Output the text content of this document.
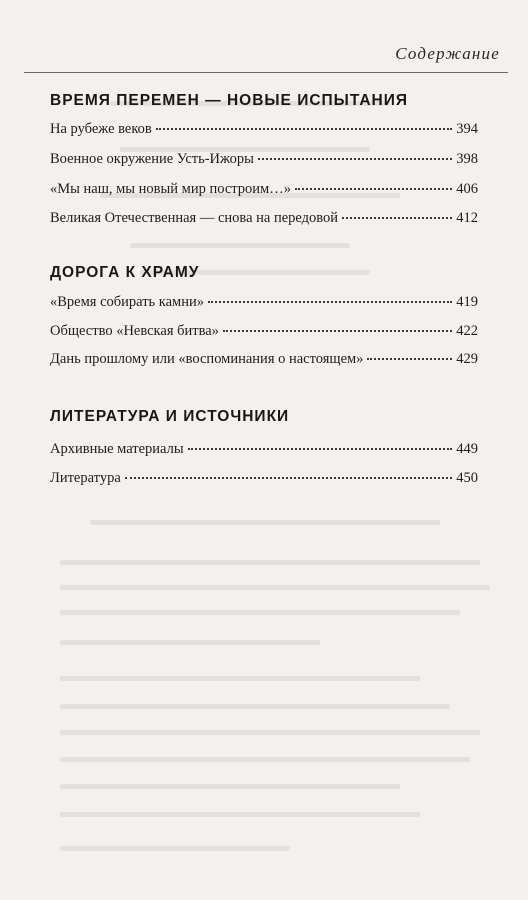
Содержание
ВРЕМЯ ПЕРЕМЕН — НОВЫЕ ИСПЫТАНИЯ
На рубеже веков	394
Военное окружение Усть-Ижоры	398
«Мы наш, мы новый мир построим…»	406
Великая Отечественная — снова на передовой	412
ДОРОГА К ХРАМУ
«Время собирать камни»	419
Общество «Невская битва»	422
Дань прошлому или «воспоминания о настоящем»	429
ЛИТЕРАТУРА И ИСТОЧНИКИ
Архивные материалы	449
Литература	450
